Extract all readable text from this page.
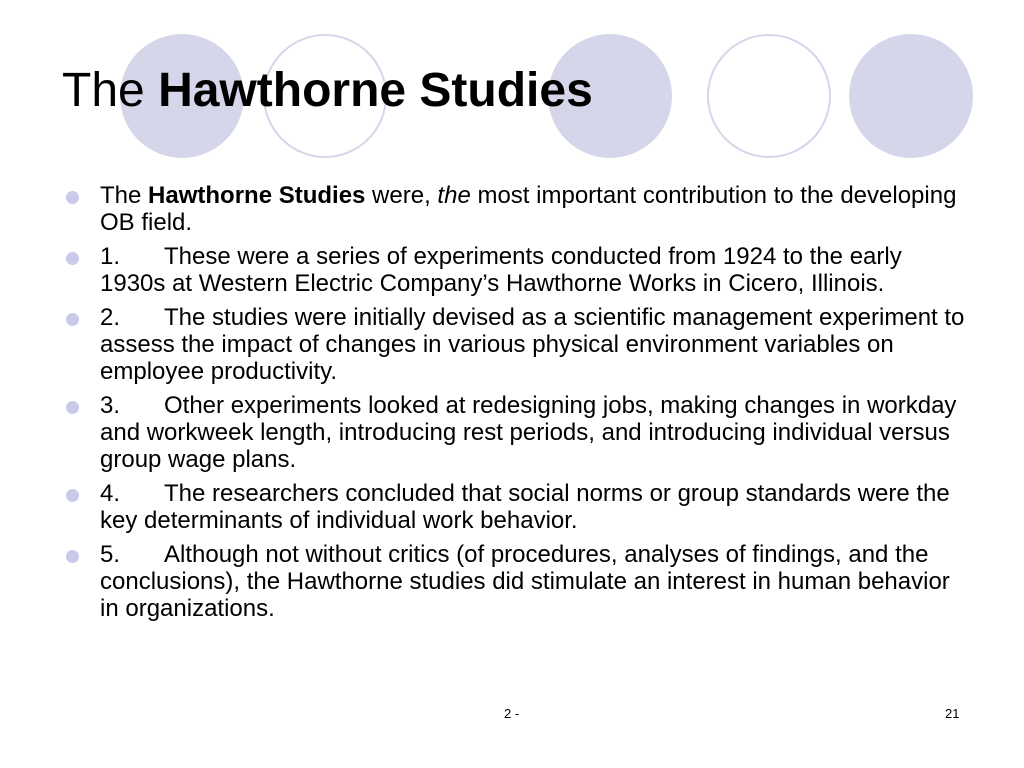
The Hawthorne Studies
The Hawthorne Studies were, the most important contribution to the developing OB field.
1. These were a series of experiments conducted from 1924 to the early 1930s at Western Electric Company’s Hawthorne Works in Cicero, Illinois.
2. The studies were initially devised as a scientific management experiment to assess the impact of changes in various physical environment variables on employee productivity.
3. Other experiments looked at redesigning jobs, making changes in workday and workweek length, introducing rest periods, and introducing individual versus group wage plans.
4. The researchers concluded that social norms or group standards were the key determinants of individual work behavior.
5. Although not without critics (of procedures, analyses of findings, and the conclusions), the Hawthorne studies did stimulate an interest in human behavior in organizations.
2 -	21
